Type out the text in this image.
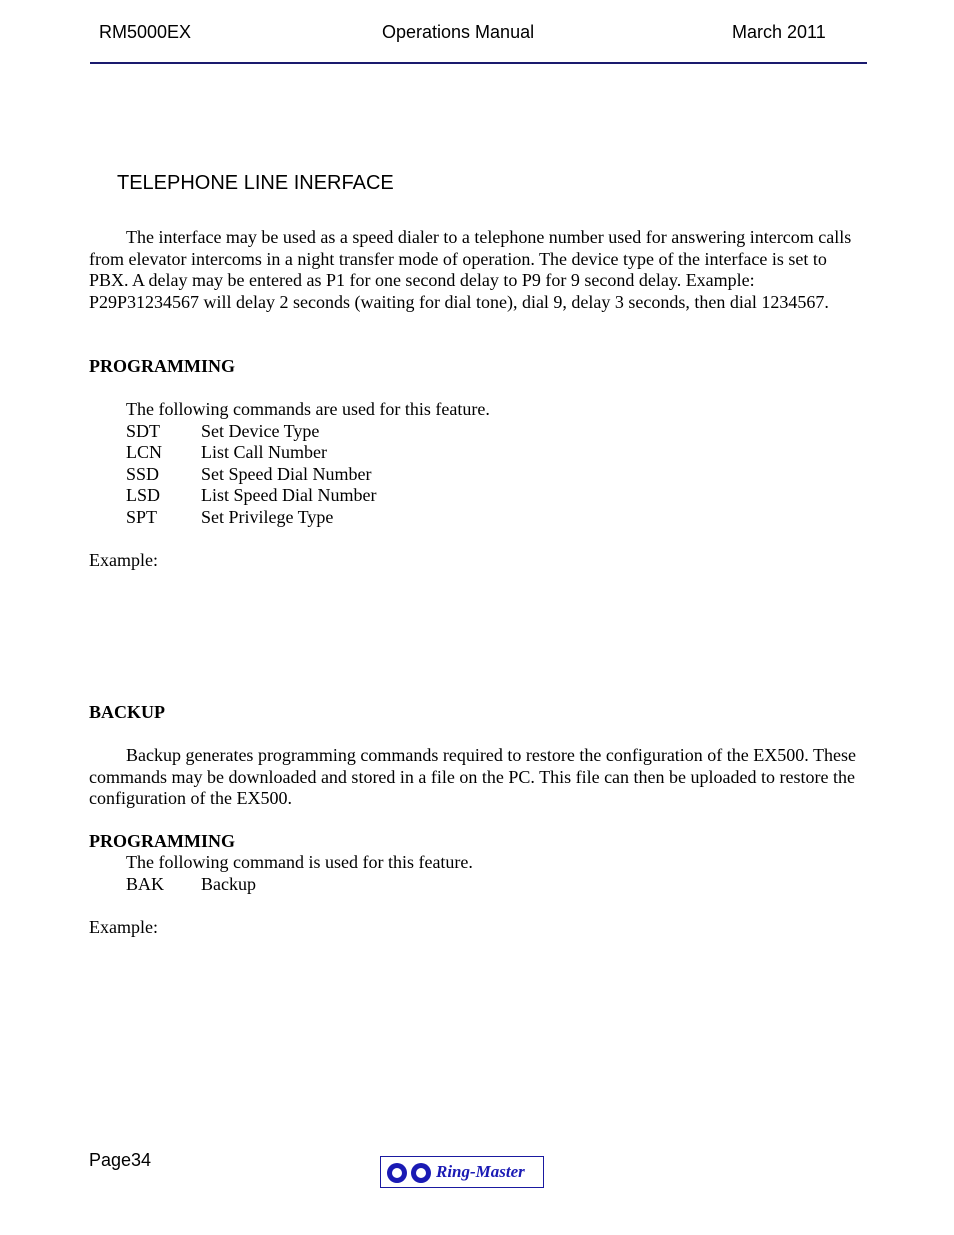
RM5000EX	Operations Manual	March 2011
TELEPHONE LINE INERFACE

The interface may be used as a speed dialer to a telephone number used for answering intercom calls from elevator intercoms in a night transfer mode of operation. The device type of the interface is set to PBX. A delay may be entered as P1 for one second delay to P9 for 9 second delay. Example: P29P31234567 will delay 2 seconds (waiting for dial tone), dial 9, delay 3 seconds, then dial 1234567.

PROGRAMMING
The following commands are used for this feature.
SDT Set Device Type
LCN List Call Number
SSD Set Speed Dial Number
LSD List Speed Dial Number
SPT Set Privilege Type
Example:
BACKUP

Backup generates programming commands required to restore the configuration of the EX500. These commands may be downloaded and stored in a file on the PC. This file can then be uploaded to restore the configuration of the EX500.

PROGRAMMING
The following command is used for this feature.
BAK Backup
Example:
Page34
Ring-Master
